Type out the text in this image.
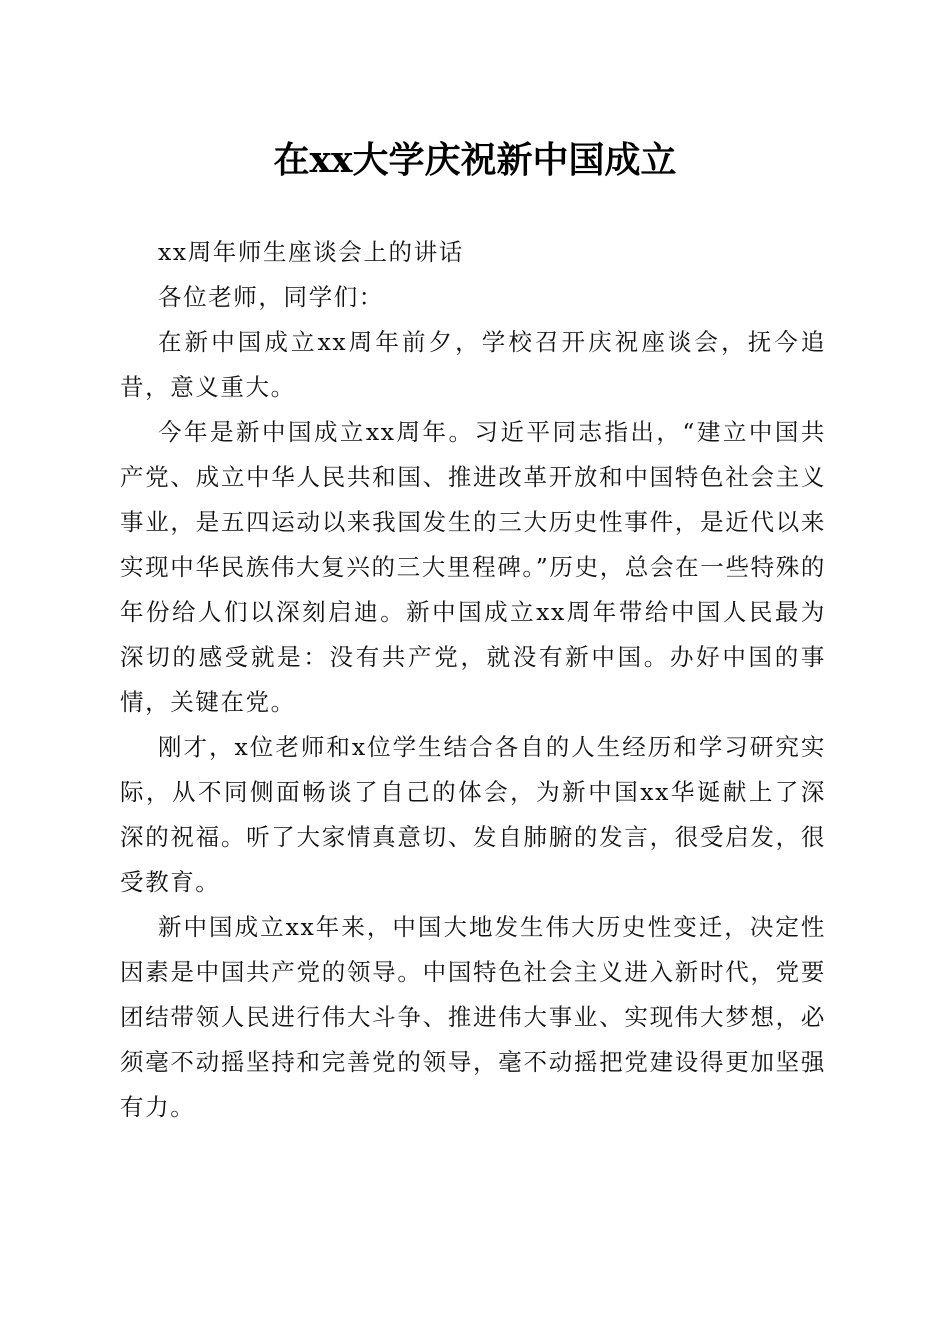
在xx大学庆祝新中国成立

xx周年师生座谈会上的讲话

各位老师，同学们：

在新中国成立xx周年前夕，学校召开庆祝座谈会，抚今追昔，意义重大。

今年是新中国成立xx周年。习近平同志指出，“建立中国共产党、成立中华人民共和国、推进改革开放和中国特色社会主义事业，是五四运动以来我国发生的三大历史性事件，是近代以来实现中华民族伟大复兴的三大里程碑。”历史，总会在一些特殊的年份给人们以深刻启迪。新中国成立xx周年带给中国人民最为深切的感受就是：没有共产党，就没有新中国。办好中国的事情，关键在党。

刚才，x位老师和x位学生结合各自的人生经历和学习研究实际，从不同侧面畅谈了自己的体会，为新中国xx华诞献上了深深的祝福。听了大家情真意切、发自肺腑的发言，很受启发，很受教育。

新中国成立xx年来，中国大地发生伟大历史性变迁，决定性因素是中国共产党的领导。中国特色社会主义进入新时代，党要团结带领人民进行伟大斗争、推进伟大事业、实现伟大梦想，必须毫不动摇坚持和完善党的领导，毫不动摇把党建设得更加坚强有力。
